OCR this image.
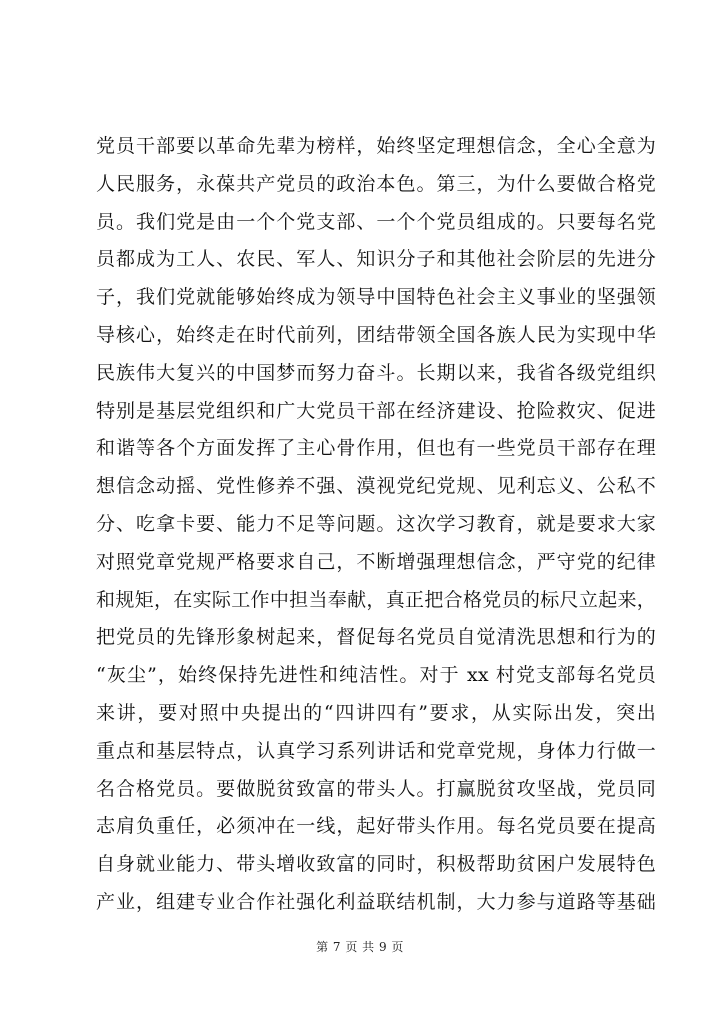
党员干部要以革命先辈为榜样，始终坚定理想信念，全心全意为
人民服务，永葆共产党员的政治本色。第三，为什么要做合格党
员。我们党是由一个个党支部、一个个党员组成的。只要每名党
员都成为工人、农民、军人、知识分子和其他社会阶层的先进分
子，我们党就能够始终成为领导中国特色社会主义事业的坚强领
导核心，始终走在时代前列，团结带领全国各族人民为实现中华
民族伟大复兴的中国梦而努力奋斗。长期以来，我省各级党组织
特别是基层党组织和广大党员干部在经济建设、抢险救灾、促进
和谐等各个方面发挥了主心骨作用，但也有一些党员干部存在理
想信念动摇、党性修养不强、漠视党纪党规、见利忘义、公私不
分、吃拿卡要、能力不足等问题。这次学习教育，就是要求大家
对照党章党规严格要求自己，不断增强理想信念，严守党的纪律
和规矩，在实际工作中担当奉献，真正把合格党员的标尺立起来，
把党员的先锋形象树起来，督促每名党员自觉清洗思想和行为的
“灰尘”，始终保持先进性和纯洁性。对于 xx 村党支部每名党员
来讲，要对照中央提出的“四讲四有”要求，从实际出发，突出
重点和基层特点，认真学习系列讲话和党章党规，身体力行做一
名合格党员。要做脱贫致富的带头人。打赢脱贫攻坚战，党员同
志肩负重任，必须冲在一线，起好带头作用。每名党员要在提高
自身就业能力、带头增收致富的同时，积极帮助贫困户发展特色
产业，组建专业合作社强化利益联结机制，大力参与道路等基础
第 7 页 共 9 页
